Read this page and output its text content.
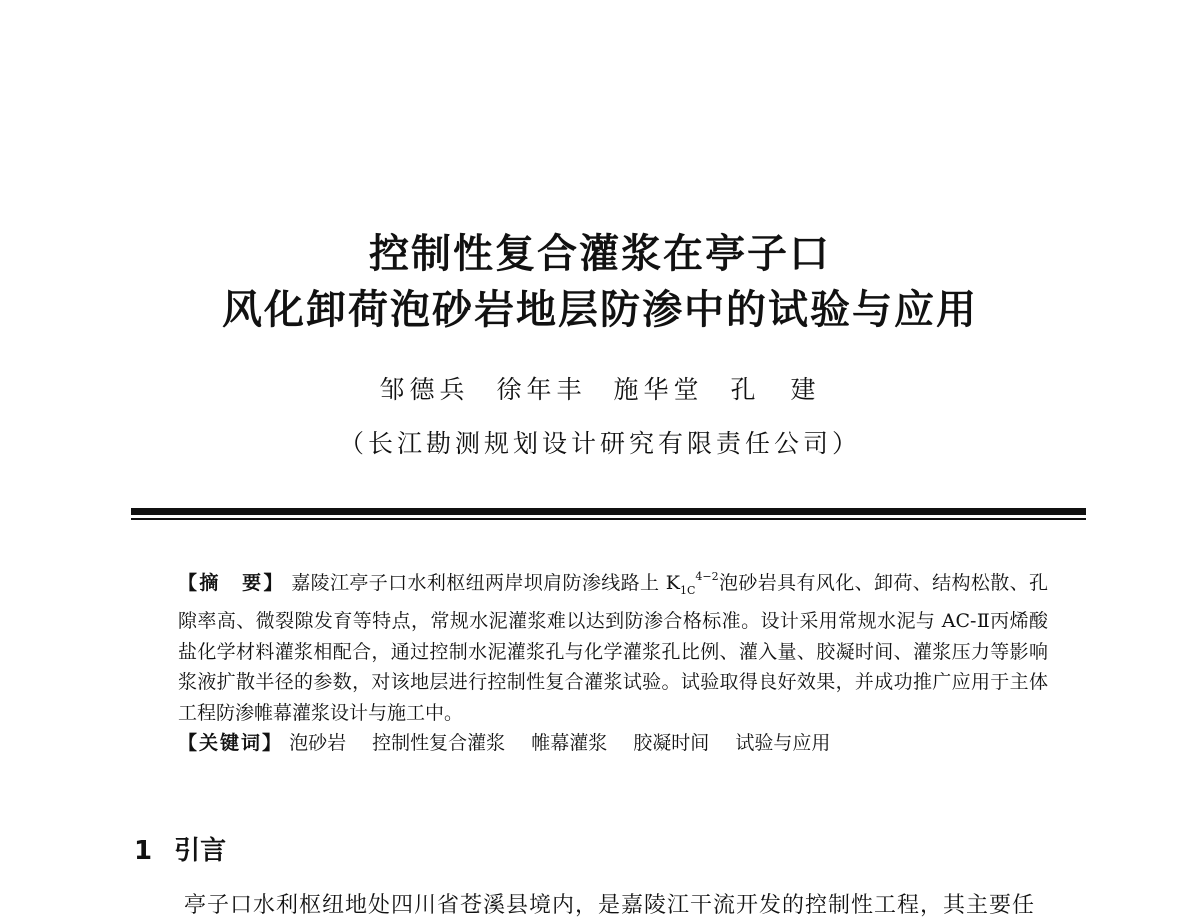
控制性复合灌浆在亭子口
风化卸荷泡砂岩地层防渗中的试验与应用
邹德兵 徐年丰 施华堂 孔　建
（长江勘测规划设计研究有限责任公司）

【摘　要】 嘉陵江亭子口水利枢纽两岸坝肩防渗线路上 $K_{1C}^{4-2}$泡砂岩具有风化、卸荷、结构松散、孔隙率高、微裂隙发育等特点，常规水泥灌浆难以达到防渗合格标准。设计采用常规水泥与 AC-Ⅱ丙烯酸盐化学材料灌浆相配合，通过控制水泥灌浆孔与化学灌浆孔比例、灌入量、胶凝时间、灌浆压力等影响浆液扩散半径的参数，对该地层进行控制性复合灌浆试验。试验取得良好效果，并成功推广应用于主体工程防渗帷幕灌浆设计与施工中。

【关键词】 泡砂岩 控制性复合灌浆 帷幕灌浆 胶凝时间 试验与应用

1 引言
亭子口水利枢纽地处四川省苍溪县境内，是嘉陵江干流开发的控制性工程，其主要任
